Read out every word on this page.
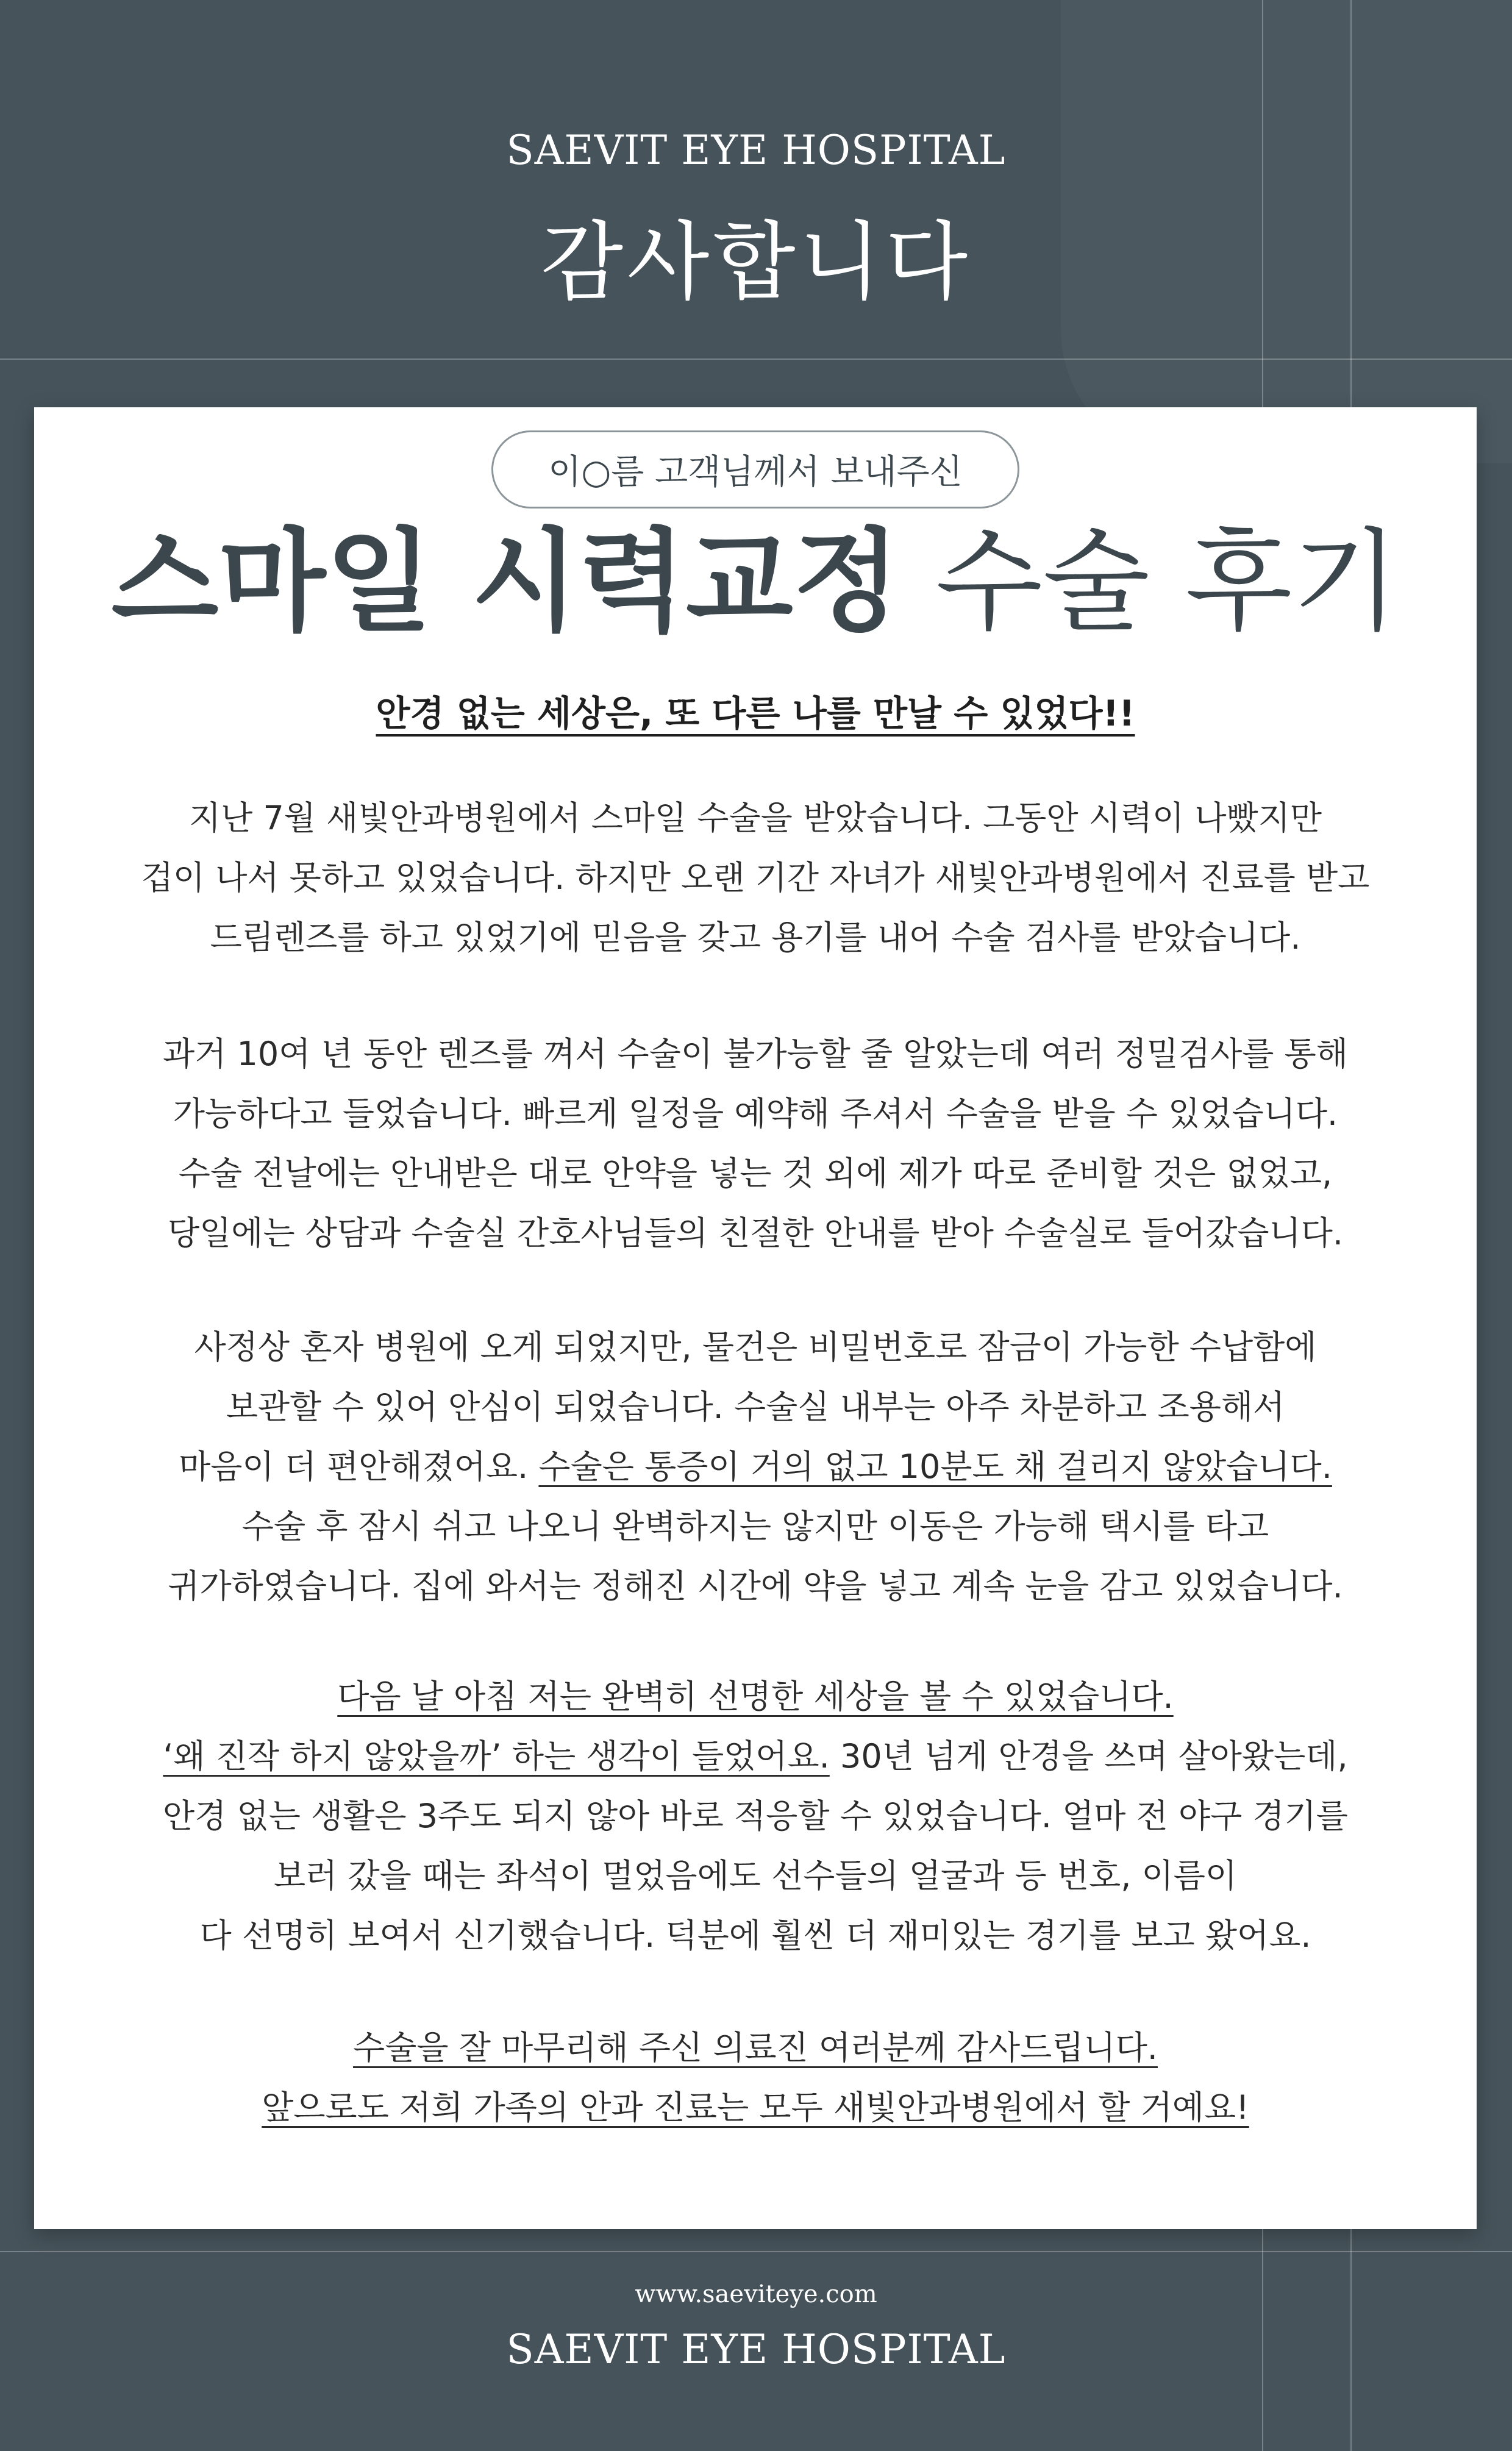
SAEVIT EYE HOSPITAL
감사합니다
이○름 고객님께서 보내주신
스마일 시력교정 수술 후기
안경 없는 세상은, 또 다른 나를 만날 수 있었다!!
지난 7월 새빛안과병원에서 스마일 수술을 받았습니다. 그동안 시력이 나빴지만
겁이 나서 못하고 있었습니다. 하지만 오랜 기간 자녀가 새빛안과병원에서 진료를 받고
드림렌즈를 하고 있었기에 믿음을 갖고 용기를 내어 수술 검사를 받았습니다.
과거 10여 년 동안 렌즈를 껴서 수술이 불가능할 줄 알았는데 여러 정밀검사를 통해
가능하다고 들었습니다. 빠르게 일정을 예약해 주셔서 수술을 받을 수 있었습니다.
수술 전날에는 안내받은 대로 안약을 넣는 것 외에 제가 따로 준비할 것은 없었고,
당일에는 상담과 수술실 간호사님들의 친절한 안내를 받아 수술실로 들어갔습니다.
사정상 혼자 병원에 오게 되었지만, 물건은 비밀번호로 잠금이 가능한 수납함에
보관할 수 있어 안심이 되었습니다. 수술실 내부는 아주 차분하고 조용해서
마음이 더 편안해졌어요. 수술은 통증이 거의 없고 10분도 채 걸리지 않았습니다.
수술 후 잠시 쉬고 나오니 완벽하지는 않지만 이동은 가능해 택시를 타고
귀가하였습니다. 집에 와서는 정해진 시간에 약을 넣고 계속 눈을 감고 있었습니다.
다음 날 아침 저는 완벽히 선명한 세상을 볼 수 있었습니다.
‘왜 진작 하지 않았을까’ 하는 생각이 들었어요. 30년 넘게 안경을 쓰며 살아왔는데,
안경 없는 생활은 3주도 되지 않아 바로 적응할 수 있었습니다. 얼마 전 야구 경기를
보러 갔을 때는 좌석이 멀었음에도 선수들의 얼굴과 등 번호, 이름이
다 선명히 보여서 신기했습니다. 덕분에 훨씬 더 재미있는 경기를 보고 왔어요.
수술을 잘 마무리해 주신 의료진 여러분께 감사드립니다.
앞으로도 저희 가족의 안과 진료는 모두 새빛안과병원에서 할 거예요!
www.saeviteye.com
SAEVIT EYE HOSPITAL
